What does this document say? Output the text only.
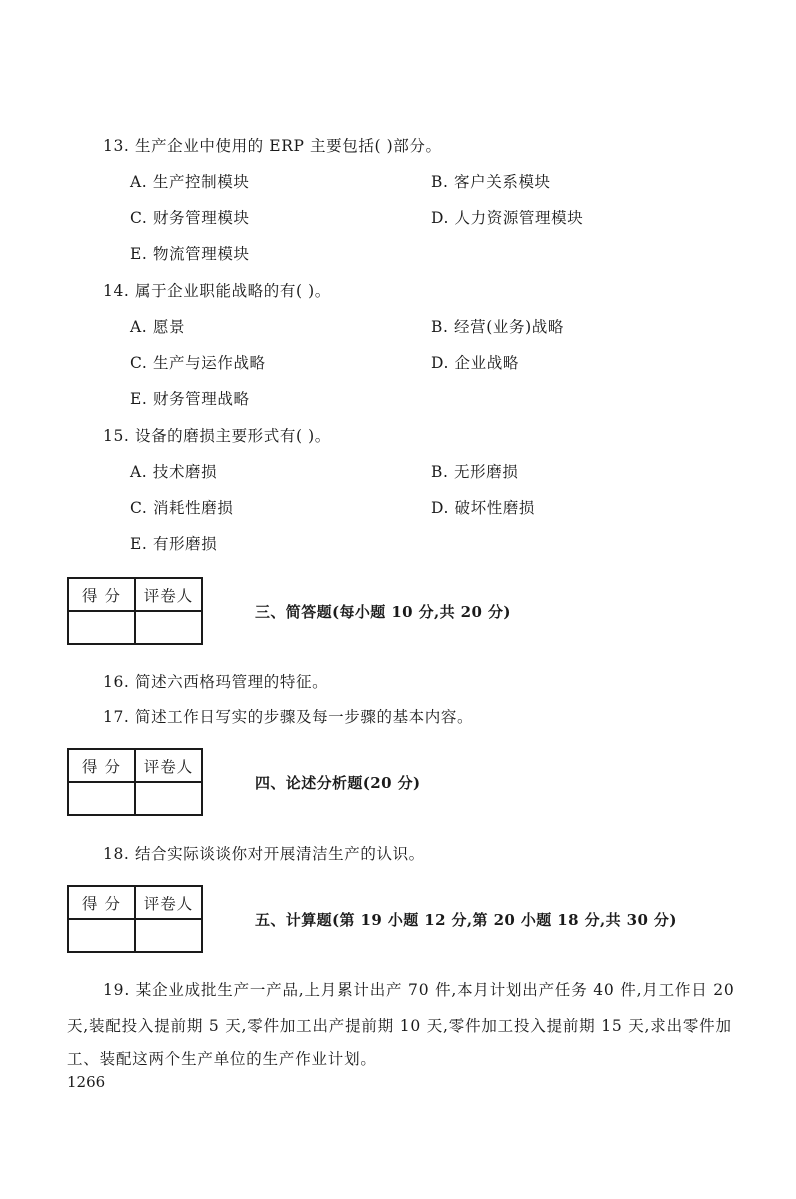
13. 生产企业中使用的 ERP 主要包括( )部分。
A. 生产控制模块	B. 客户关系模块
C. 财务管理模块	D. 人力资源管理模块
E. 物流管理模块
14. 属于企业职能战略的有( )。
A. 愿景	B. 经营(业务)战略
C. 生产与运作战略	D. 企业战略
E. 财务管理战略
15. 设备的磨损主要形式有( )。
A. 技术磨损	B. 无形磨损
C. 消耗性磨损	D. 破坏性磨损
E. 有形磨损
得 分	评卷人

三、简答题(每小题 10 分,共 20 分)
16. 简述六西格玛管理的特征。
17. 简述工作日写实的步骤及每一步骤的基本内容。
得 分	评卷人

四、论述分析题(20 分)
18. 结合实际谈谈你对开展清洁生产的认识。
得 分	评卷人

五、计算题(第 19 小题 12 分,第 20 小题 18 分,共 30 分)
19. 某企业成批生产一产品,上月累计出产 70 件,本月计划出产任务 40 件,月工作日 20
天,装配投入提前期 5 天,零件加工出产提前期 10 天,零件加工投入提前期 15 天,求出零件加
工、装配这两个生产单位的生产作业计划。
1266
